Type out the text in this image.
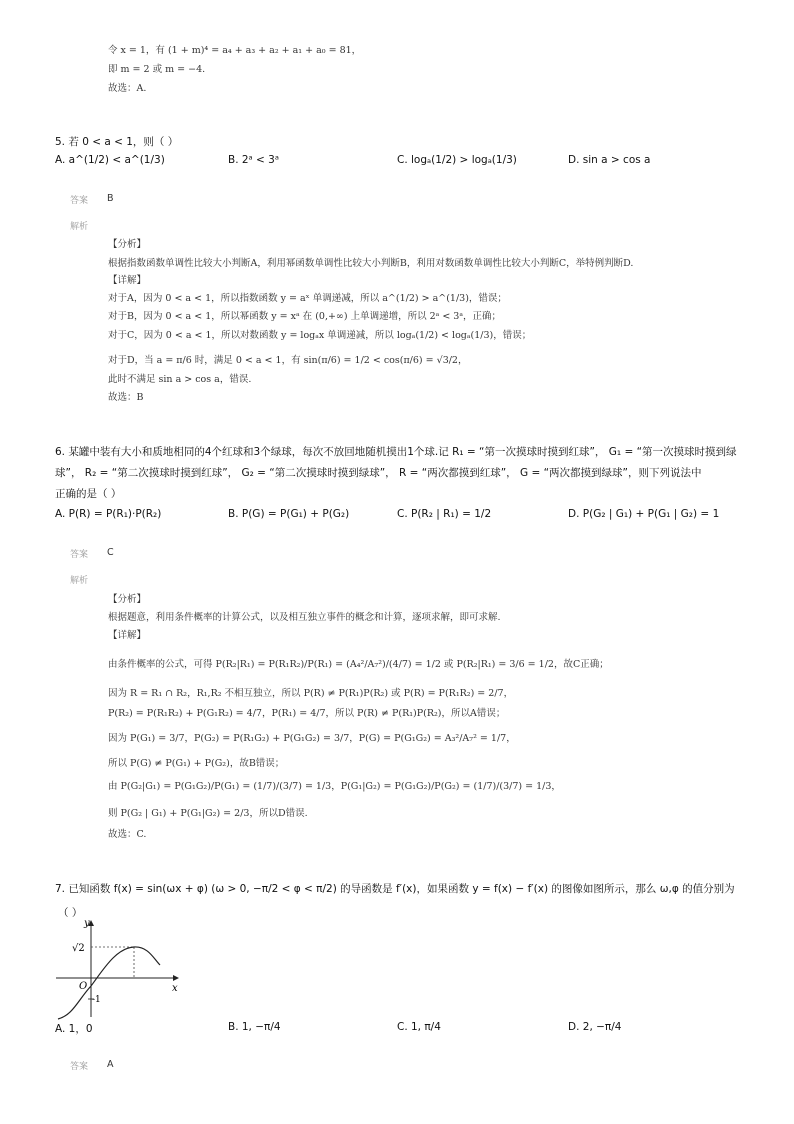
令 x = 1，有 (1 + m)⁴ = a₄ + a₃ + a₂ + a₁ + a₀ = 81，
即 m = 2 或 m = −4.
故选：A.
5. 若 0 < a < 1，则（ ）
A. a^(1/2) < a^(1/3)	B. 2ᵃ < 3ᵃ	C. logₐ(1/2) > logₐ(1/3)	D. sin a > cos a
答案 B
解析
【分析】
根据指数函数单调性比较大小判断A，利用幂函数单调性比较大小判断B，利用对数函数单调性比较大小判断C，举特例判断D.
【详解】
对于A，因为 0 < a < 1，所以指数函数 y = aˣ 单调递减，所以 a^(1/2) > a^(1/3)，错误；
对于B，因为 0 < a < 1，所以幂函数 y = xᵃ 在 (0,+∞) 上单调递增，所以 2ᵃ < 3ᵃ，正确；
对于C，因为 0 < a < 1，所以对数函数 y = logₐx 单调递减，所以 logₐ(1/2) < logₐ(1/3)，错误；
对于D，当 a = π/6 时，满足 0 < a < 1，有 sin(π/6) = 1/2 < cos(π/6) = √3/2，
此时不满足 sin a > cos a，错误.
故选：B
6. 某罐中装有大小和质地相同的4个红球和3个绿球，每次不放回地随机摸出1个球.记 R₁ = “第一次摸球时摸到红球”， G₁ = “第一次摸球时摸到绿
球”， R₂ = “第二次摸球时摸到红球”， G₂ = “第二次摸球时摸到绿球”， R = “两次都摸到红球”， G = “两次都摸到绿球”，则下列说法中
正确的是（ ）
A. P(R) = P(R₁)·P(R₂)	B. P(G) = P(G₁) + P(G₂)	C. P(R₂ | R₁) = 1/2	D. P(G₂ | G₁) + P(G₁ | G₂) = 1
答案 C
解析
【分析】
根据题意，利用条件概率的计算公式，以及相互独立事件的概念和计算，逐项求解，即可求解.
【详解】
由条件概率的公式，可得 P(R₂|R₁) = P(R₁R₂)/P(R₁) = (A₄²/A₇²)/(4/7) = 1/2 或 P(R₂|R₁) = 3/6 = 1/2，故C正确；
因为 R = R₁ ∩ R₂，R₁,R₂ 不相互独立，所以 P(R) ≠ P(R₁)P(R₂) 或 P(R) = P(R₁R₂) = 2/7，
P(R₂) = P(R₁R₂) + P(G₁R₂) = 4/7，P(R₁) = 4/7，所以 P(R) ≠ P(R₁)P(R₂)，所以A错误；
因为 P(G₁) = 3/7，P(G₂) = P(R₁G₂) + P(G₁G₂) = 3/7，P(G) = P(G₁G₂) = A₃²/A₇² = 1/7，
所以 P(G) ≠ P(G₁) + P(G₂)，故B错误；
由 P(G₂|G₁) = P(G₁G₂)/P(G₁) = (1/7)/(3/7) = 1/3，P(G₁|G₂) = P(G₁G₂)/P(G₂) = (1/7)/(3/7) = 1/3，
则 P(G₂ | G₁) + P(G₁|G₂) = 2/3，所以D错误.
故选：C.
7. 已知函数 f(x) = sin(ωx + φ) (ω > 0, −π/2 < φ < π/2) 的导函数是 f′(x)，如果函数 y = f(x) − f′(x) 的图像如图所示，那么 ω,φ 的值分别为
（ ）
y
x
O
√2
-1
A. 1，0	B. 1, −π/4	C. 1, π/4	D. 2, −π/4
答案 A
